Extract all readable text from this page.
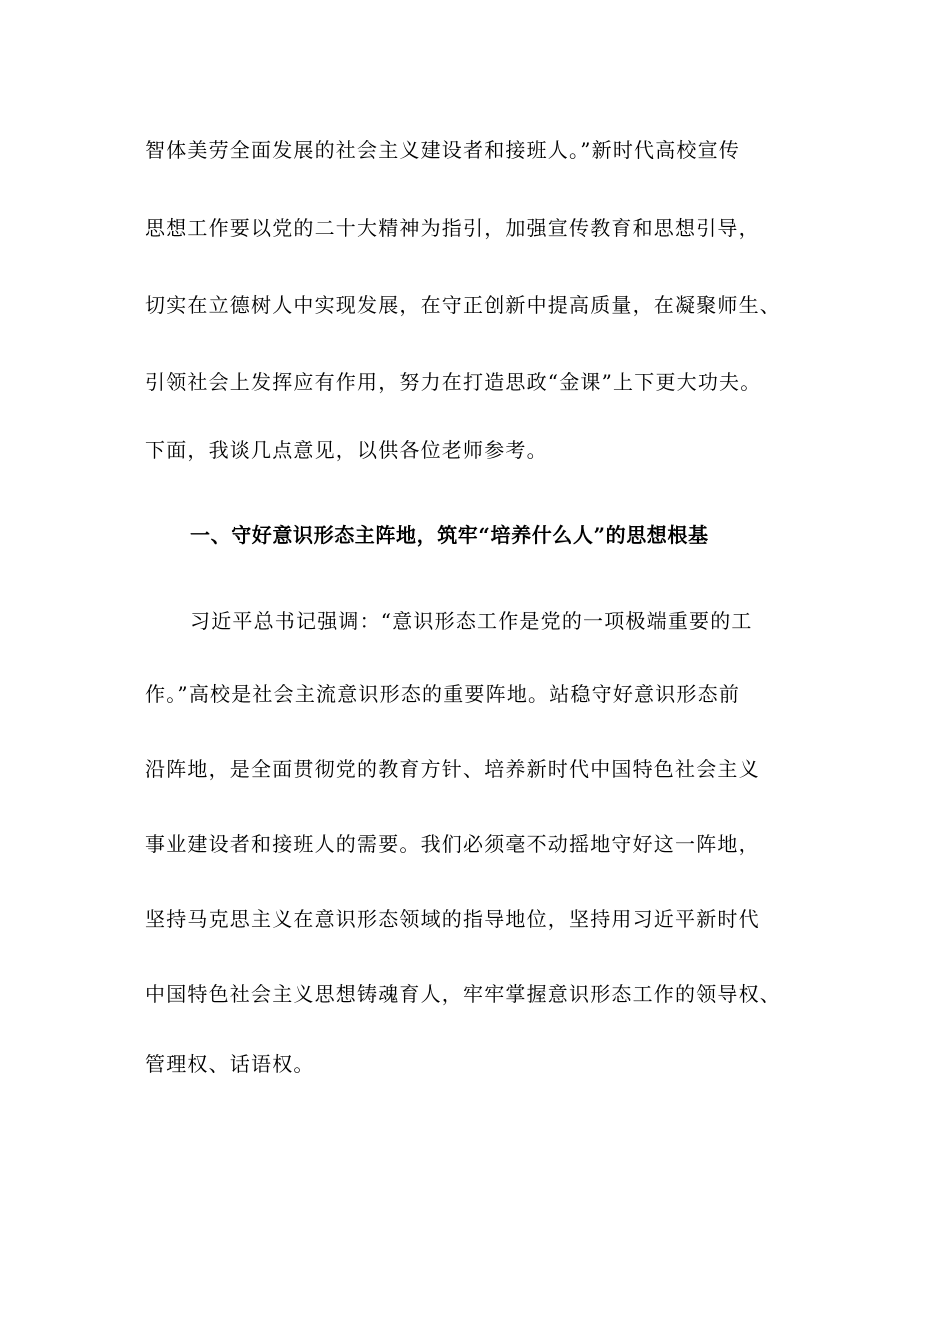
智体美劳全面发展的社会主义建设者和接班人。”新时代高校宣传
思想工作要以党的二十大精神为指引，加强宣传教育和思想引导，
切实在立德树人中实现发展，在守正创新中提高质量，在凝聚师生、
引领社会上发挥应有作用，努力在打造思政“金课”上下更大功夫。
下面，我谈几点意见，以供各位老师参考。
一、守好意识形态主阵地，筑牢“培养什么人”的思想根基
习近平总书记强调：“意识形态工作是党的一项极端重要的工
作。”高校是社会主流意识形态的重要阵地。站稳守好意识形态前
沿阵地，是全面贯彻党的教育方针、培养新时代中国特色社会主义
事业建设者和接班人的需要。我们必须毫不动摇地守好这一阵地，
坚持马克思主义在意识形态领域的指导地位，坚持用习近平新时代
中国特色社会主义思想铸魂育人，牢牢掌握意识形态工作的领导权、
管理权、话语权。
